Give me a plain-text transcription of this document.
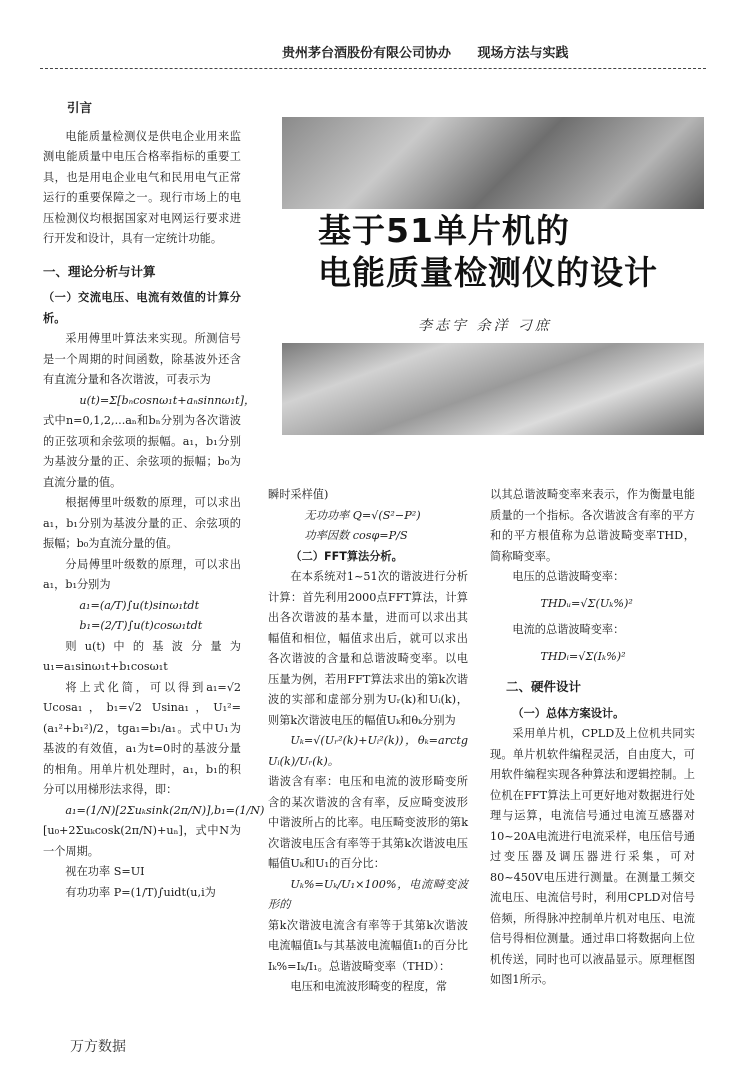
贵州茅台酒股份有限公司协办 现场方法与实践
基于51单片机的
电能质量检测仪的设计
李志宇 余洋 刁庶

引言

电能质量检测仪是供电企业用来监测电能质量中电压合格率指标的重要工具，也是用电企业电气和民用电气正常运行的重要保障之一。现行市场上的电压检测仪均根据国家对电网运行要求进行开发和设计，具有一定统计功能。

一、理论分析与计算

（一）交流电压、电流有效值的计算分析。

采用傅里叶算法来实现。所测信号是一个周期的时间函数，除基波外还含有直流分量和各次谐波，可表示为

u(t)=Σ[bₙcosnω₁t+aₙsinnω₁t]，

式中n=0,1,2,...aₙ和bₙ分别为各次谐波的正弦项和余弦项的振幅。a₁，b₁分别为基波分量的正、余弦项的振幅；b₀为直流分量的值。

根据傅里叶级数的原理，可以求出a₁，b₁分别为基波分量的正、余弦项的振幅；b₀为直流分量的值。

分局傅里叶级数的原理，可以求出a₁，b₁分别为

a₁=(a/T)∫u(t)sinω₁tdt

b₁=(2/T)∫u(t)cosω₁tdt

则u(t)中的基波分量为u₁=a₁sinω₁t+b₁cosω₁t

将上式化简，可以得到a₁=√2 Ucosa₁，b₁=√2 Usina₁，U₁²=(a₁²+b₁²)/2，tga₁=b₁/a₁。式中U₁为基波的有效值，a₁为t=0时的基波分量的相角。用单片机处理时，a₁，b₁的积分可以用梯形法求得，即：

a₁=(1/N)[2Σuₖsink(2π/N)],b₁=(1/N)

[u₀+2Σuₖcosk(2π/N)+uₙ]，式中N为一个周期。

视在功率 S=UI

有功功率 P=(1/T)∫uidt(u,i为

瞬时采样值)

无功功率 Q=√(S²−P²)

功率因数 cosφ=P/S

（二）FFT算法分析。

在本系统对1~51次的谐波进行分析计算：首先利用2000点FFT算法，计算出各次谐波的基本量，进而可以求出其幅值和相位，幅值求出后，就可以求出各次谐波的含量和总谐波畸变率。以电压量为例，若用FFT算法求出的第k次谐波的实部和虚部分别为Uᵣ(k)和Uᵢ(k)，则第k次谐波电压的幅值Uₖ和θₖ分别为

Uₖ=√(Uᵣ²(k)+Uᵢ²(k))，θₖ=arctg Uᵢ(k)/Uᵣ(k)。

谐波含有率：电压和电流的波形畸变所含的某次谐波的含有率，反应畸变波形中谐波所占的比率。电压畸变波形的第k次谐波电压含有率等于其第k次谐波电压幅值Uₖ和U₁的百分比：

Uₖ%=Uₖ/U₁×100%，电流畸变波形的

第k次谐波电流含有率等于其第k次谐波电流幅值Iₖ与其基波电流幅值I₁的百分比Iₖ%=Iₖ/I₁。总谐波畸变率（THD）：

电压和电流波形畸变的程度，常

以其总谐波畸变率来表示，作为衡量电能质量的一个指标。各次谐波含有率的平方和的平方根值称为总谐波畸变率THD，简称畸变率。

电压的总谐波畸变率：

THDᵤ=√Σ(Uₖ%)²

电流的总谐波畸变率：

THDᵢ=√Σ(Iₖ%)²

二、硬件设计

（一）总体方案设计。

采用单片机，CPLD及上位机共同实现。单片机软件编程灵活，自由度大，可用软件编程实现各种算法和逻辑控制。上位机在FFT算法上可更好地对数据进行处理与运算，电流信号通过电流互感器对10~20A电流进行电流采样，电压信号通过变压器及调压器进行采集，可对80~450V电压进行测量。在测量工频交流电压、电流信号时，利用CPLD对信号倍频，所得脉冲控制单片机对电压、电流信号得相位测量。通过串口将数据向上位机传送，同时也可以液晶显示。原理框图如图1所示。

万方数据
